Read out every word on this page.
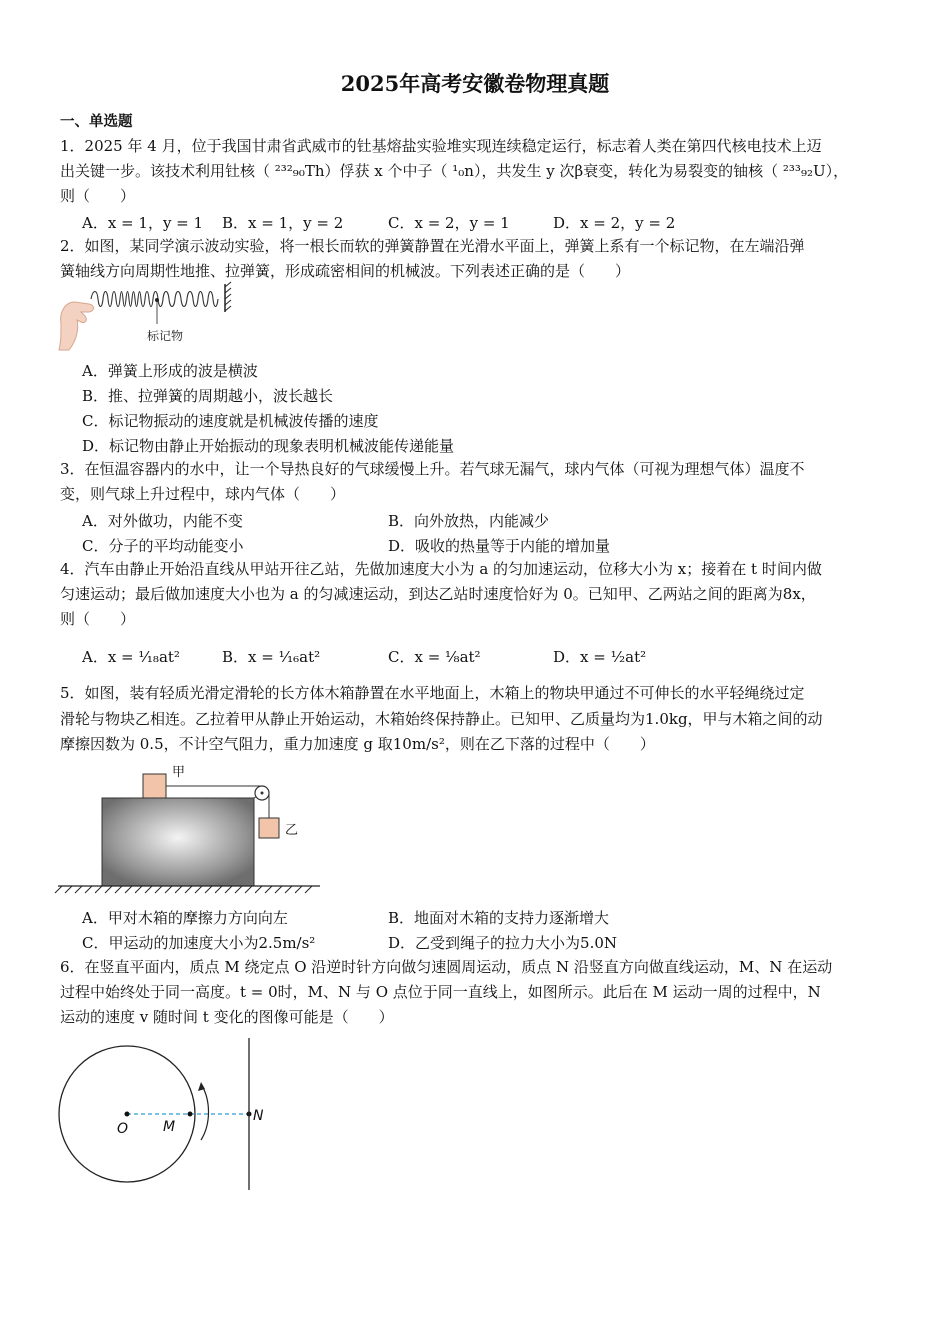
2025年高考安徽卷物理真题
一、单选题
1．2025 年 4 月，位于我国甘肃省武威市的钍基熔盐实验堆实现连续稳定运行，标志着人类在第四代核电技术上迈
出关键一步。该技术利用钍核（ ²³²₉₀Th）俘获 x 个中子（ ¹₀n），共发生 y 次β衰变，转化为易裂变的铀核（ ²³³₉₂U），
则（　　）
A．x = 1，y = 1 B．x = 1，y = 2	C．x = 2，y = 1	D．x = 2，y = 2
2．如图，某同学演示波动实验，将一根长而软的弹簧静置在光滑水平面上，弹簧上系有一个标记物，在左端沿弹
簧轴线方向周期性地推、拉弹簧，形成疏密相间的机械波。下列表述正确的是（　　）
标记物
A．弹簧上形成的波是横波
B．推、拉弹簧的周期越小，波长越长
C．标记物振动的速度就是机械波传播的速度
D．标记物由静止开始振动的现象表明机械波能传递能量
3．在恒温容器内的水中，让一个导热良好的气球缓慢上升。若气球无漏气，球内气体（可视为理想气体）温度不
变，则气球上升过程中，球内气体（　　）
A．对外做功，内能不变	B．向外放热，内能减少
C．分子的平均动能变小	D．吸收的热量等于内能的增加量
4．汽车由静止开始沿直线从甲站开往乙站，先做加速度大小为 a 的匀加速运动，位移大小为 x；接着在 t 时间内做
匀速运动；最后做加速度大小也为 a 的匀减速运动，到达乙站时速度恰好为 0。已知甲、乙两站之间的距离为8x，
则（　　）
A．x = ¹⁄₁₈at²	B．x = ¹⁄₁₆at²	C．x = ¹⁄₈at²	D．x = ¹⁄₂at²
5．如图，装有轻质光滑定滑轮的长方体木箱静置在水平地面上，木箱上的物块甲通过不可伸长的水平轻绳绕过定
滑轮与物块乙相连。乙拉着甲从静止开始运动，木箱始终保持静止。已知甲、乙质量均为1.0kg，甲与木箱之间的动
摩擦因数为 0.5，不计空气阻力，重力加速度 g 取10m/s²，则在乙下落的过程中（　　）
甲
乙
A．甲对木箱的摩擦力方向向左	B．地面对木箱的支持力逐渐增大
C．甲运动的加速度大小为2.5m/s²	D．乙受到绳子的拉力大小为5.0N
6．在竖直平面内，质点 M 绕定点 O 沿逆时针方向做匀速圆周运动，质点 N 沿竖直方向做直线运动，M、N 在运动
过程中始终处于同一高度。t = 0时，M、N 与 O 点位于同一直线上，如图所示。此后在 M 运动一周的过程中，N
运动的速度 v 随时间 t 变化的图像可能是（　　）
O M
N
